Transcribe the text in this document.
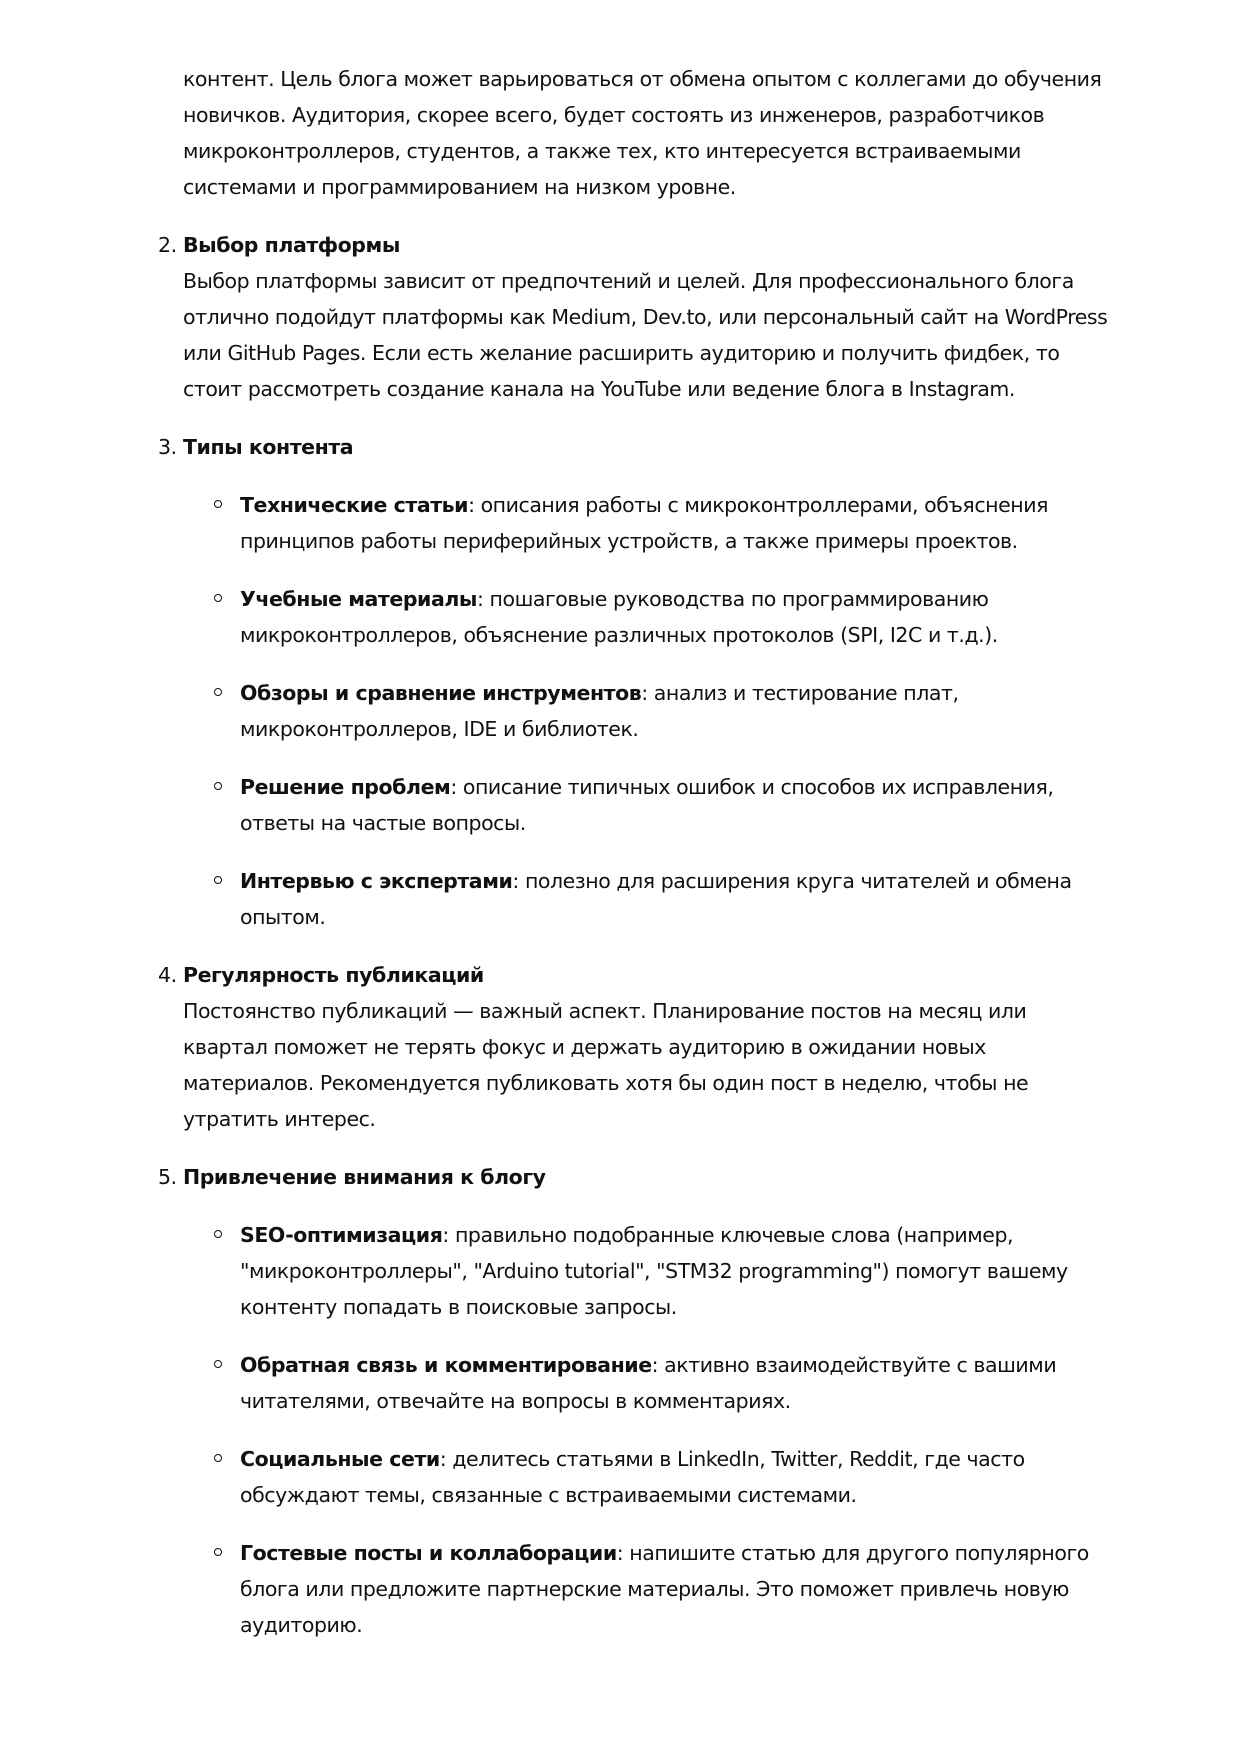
контент. Цель блога может варьироваться от обмена опытом с коллегами до обучения новичков. Аудитория, скорее всего, будет состоять из инженеров, разработчиков микроконтроллеров, студентов, а также тех, кто интересуется встраиваемыми системами и программированием на низком уровне.

2. Выбор платформы

Выбор платформы зависит от предпочтений и целей. Для профессионального блога отлично подойдут платформы как Medium, Dev.to, или персональный сайт на WordPress или GitHub Pages. Если есть желание расширить аудиторию и получить фидбек, то стоит рассмотреть создание канала на YouTube или ведение блога в Instagram.

3. Типы контента

Технические статьи: описания работы с микроконтроллерами, объяснения принципов работы периферийных устройств, а также примеры проектов.
Учебные материалы: пошаговые руководства по программированию микроконтроллеров, объяснение различных протоколов (SPI, I2C и т.д.).
Обзоры и сравнение инструментов: анализ и тестирование плат, микроконтроллеров, IDE и библиотек.
Решение проблем: описание типичных ошибок и способов их исправления, ответы на частые вопросы.
Интервью с экспертами: полезно для расширения круга читателей и обмена опытом.
4. Регулярность публикаций

Постоянство публикаций — важный аспект. Планирование постов на месяц или квартал поможет не терять фокус и держать аудиторию в ожидании новых материалов. Рекомендуется публиковать хотя бы один пост в неделю, чтобы не утратить интерес.

5. Привлечение внимания к блогу

SEO-оптимизация: правильно подобранные ключевые слова (например, "микроконтроллеры", "Arduino tutorial", "STM32 programming") помогут вашему контенту попадать в поисковые запросы.
Обратная связь и комментирование: активно взаимодействуйте с вашими читателями, отвечайте на вопросы в комментариях.
Социальные сети: делитесь статьями в LinkedIn, Twitter, Reddit, где часто обсуждают темы, связанные с встраиваемыми системами.
Гостевые посты и коллаборации: напишите статью для другого популярного блога или предложите партнерские материалы. Это поможет привлечь новую аудиторию.
